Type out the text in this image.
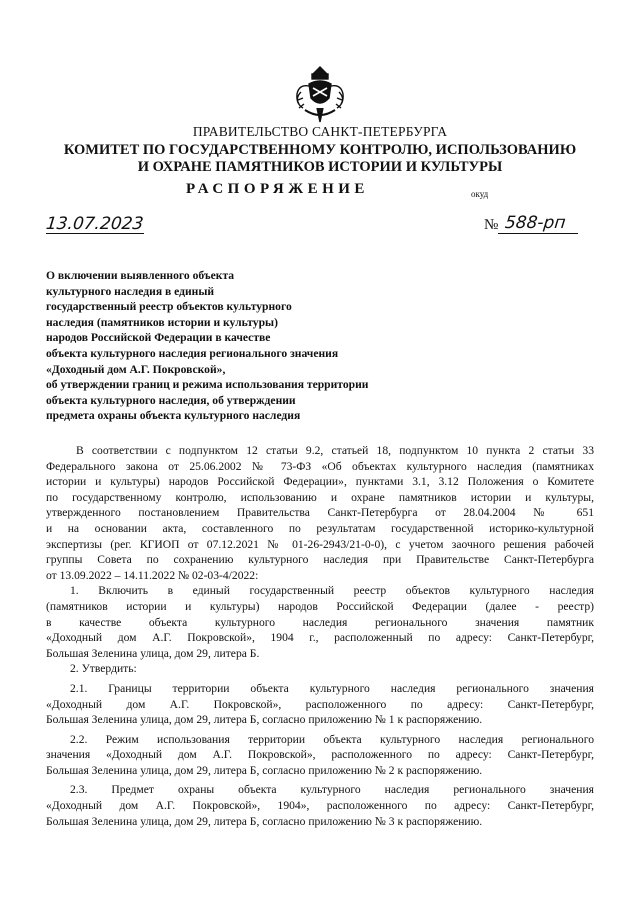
ПРАВИТЕЛЬСТВО САНКТ-ПЕТЕРБУРГА
КОМИТЕТ ПО ГОСУДАРСТВЕННОМУ КОНТРОЛЮ, ИСПОЛЬЗОВАНИЮ
И ОХРАНЕ ПАМЯТНИКОВ ИСТОРИИ И КУЛЬТУРЫ
РАСПОРЯЖЕНИЕ	окуд
13.07.2023	№ 588-рп
О включении выявленного объекта
культурного наследия в единый
государственный реестр объектов культурного
наследия (памятников истории и культуры)
народов Российской Федерации в качестве
объекта культурного наследия регионального значения
«Доходный дом А.Г. Покровской»,
об утверждении границ и режима использования территории
объекта культурного наследия, об утверждении
предмета охраны объекта культурного наследия
В соответствии с подпунктом 12 статьи 9.2, статьей 18, подпунктом 10 пункта 2 статьи 33
Федерального закона от 25.06.2002 № 73-ФЗ «Об объектах культурного наследия (памятниках
истории и культуры) народов Российской Федерации», пунктами 3.1, 3.12 Положения о Комитете
по государственному контролю, использованию и охране памятников истории и культуры,
утвержденного постановлением Правительства Санкт-Петербурга от 28.04.2004 № 651
и на основании акта, составленного по результатам государственной историко-культурной
экспертизы (рег. КГИОП от 07.12.2021 № 01-26-2943/21-0-0), с учетом заочного решения рабочей
группы Совета по сохранению культурного наследия при Правительстве Санкт-Петербурга
от 13.09.2022 – 14.11.2022 № 02-03-4/2022:
1. Включить в единый государственный реестр объектов культурного наследия
(памятников истории и культуры) народов Российской Федерации (далее - реестр)
в качестве объекта культурного наследия регионального значения памятник
«Доходный дом А.Г. Покровской», 1904 г., расположенный по адресу: Санкт-Петербург,
Большая Зеленина улица, дом 29, литера Б.
2. Утвердить:
2.1. Границы территории объекта культурного наследия регионального значения
«Доходный дом А.Г. Покровской», расположенного по адресу: Санкт-Петербург,
Большая Зеленина улица, дом 29, литера Б, согласно приложению № 1 к распоряжению.
2.2. Режим использования территории объекта культурного наследия регионального
значения «Доходный дом А.Г. Покровской», расположенного по адресу: Санкт-Петербург,
Большая Зеленина улица, дом 29, литера Б, согласно приложению № 2 к распоряжению.
2.3. Предмет охраны объекта культурного наследия регионального значения
«Доходный дом А.Г. Покровской», 1904», расположенного по адресу: Санкт-Петербург,
Большая Зеленина улица, дом 29, литера Б, согласно приложению № 3 к распоряжению.
